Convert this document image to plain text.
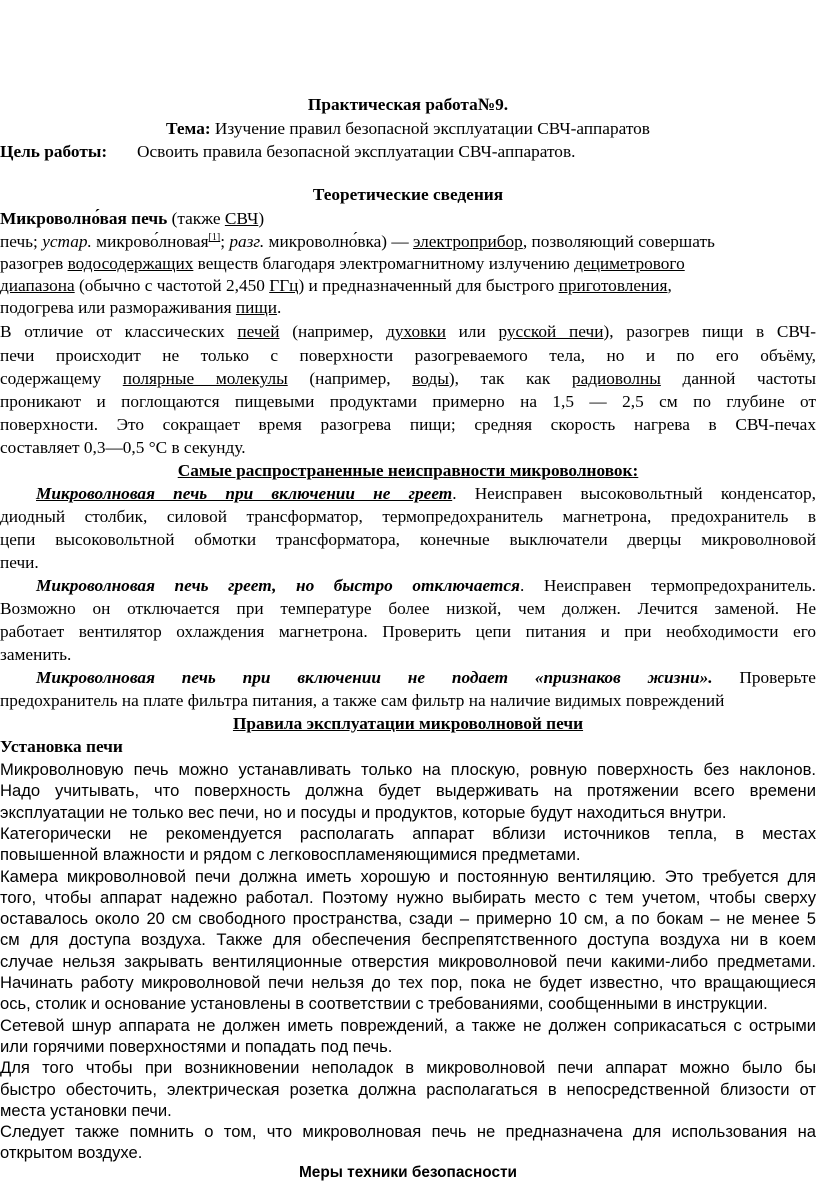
Практическая работа№9.
Тема: Изучение правил безопасной эксплуатации СВЧ-аппаратов
Цель работы: Освоить правила безопасной эксплуатации СВЧ-аппаратов.
Теоретические сведения
Микроволно́вая печь (также СВЧ)
печь; устар. микрово́лновая[1]; разг. микроволно́вка) — электроприбор, позволяющий совершать
разогрев водосодержащих веществ благодаря электромагнитному излучению дециметрового
диапазона (обычно с частотой 2,450 ГГц) и предназначенный для быстрого приготовления,
подогрева или размораживания пищи.
В отличие от классических печей (например, духовки или русской печи), разогрев пищи в СВЧ-
печи происходит не только с поверхности разогреваемого тела, но и по его объёму,
содержащему полярные молекулы (например, воды), так как радиоволны данной частоты
проникают и поглощаются пищевыми продуктами примерно на 1,5 — 2,5 см по глубине от
поверхности. Это сокращает время разогрева пищи; средняя скорость нагрева в СВЧ-печах
составляет 0,3—0,5 °C в секунду.
Самые распространенные неисправности микроволновок:
Микроволновая печь при включении не греет. Неисправен высоковольтный конденсатор,
диодный столбик, силовой трансформатор, термопредохранитель магнетрона, предохранитель в
цепи высоковольтной обмотки трансформатора, конечные выключатели дверцы микроволновой
печи.
Микроволновая печь греет, но быстро отключается. Неисправен термопредохранитель.
Возможно он отключается при температуре более низкой, чем должен. Лечится заменой. Не
работает вентилятор охлаждения магнетрона. Проверить цепи питания и при необходимости его
заменить.
Микроволновая печь при включении не подает «признаков жизни». Проверьте
предохранитель на плате фильтра питания, а также сам фильтр на наличие видимых повреждений
Правила эксплуатации микроволновой печи
Установка печи
Меры техники безопасности
Микроволновую печь можно устанавливать только на плоскую, ровную поверхность без наклонов.
Надо учитывать, что поверхность должна будет выдерживать на протяжении всего времени
эксплуатации не только вес печи, но и посуды и продуктов, которые будут находиться внутри.
Категорически не рекомендуется располагать аппарат вблизи источников тепла, в местах
повышенной влажности и рядом с легковоспламеняющимися предметами.
Камера микроволновой печи должна иметь хорошую и постоянную вентиляцию. Это требуется для
того, чтобы аппарат надежно работал. Поэтому нужно выбирать место с тем учетом, чтобы сверху
оставалось около 20 см свободного пространства, сзади – примерно 10 см, а по бокам – не менее 5
см для доступа воздуха. Также для обеспечения беспрепятственного доступа воздуха ни в коем
случае нельзя закрывать вентиляционные отверстия микроволновой печи какими-либо предметами.
Начинать работу микроволновой печи нельзя до тех пор, пока не будет известно, что вращающиеся
ось, столик и основание установлены в соответствии с требованиями, сообщенными в инструкции.
Сетевой шнур аппарата не должен иметь повреждений, а также не должен соприкасаться с острыми
или горячими поверхностями и попадать под печь.
Для того чтобы при возникновении неполадок в микроволновой печи аппарат можно было бы
быстро обесточить, электрическая розетка должна располагаться в непосредственной близости от
места установки печи.
Следует также помнить о том, что микроволновая печь не предназначена для использования на
открытом воздухе.
